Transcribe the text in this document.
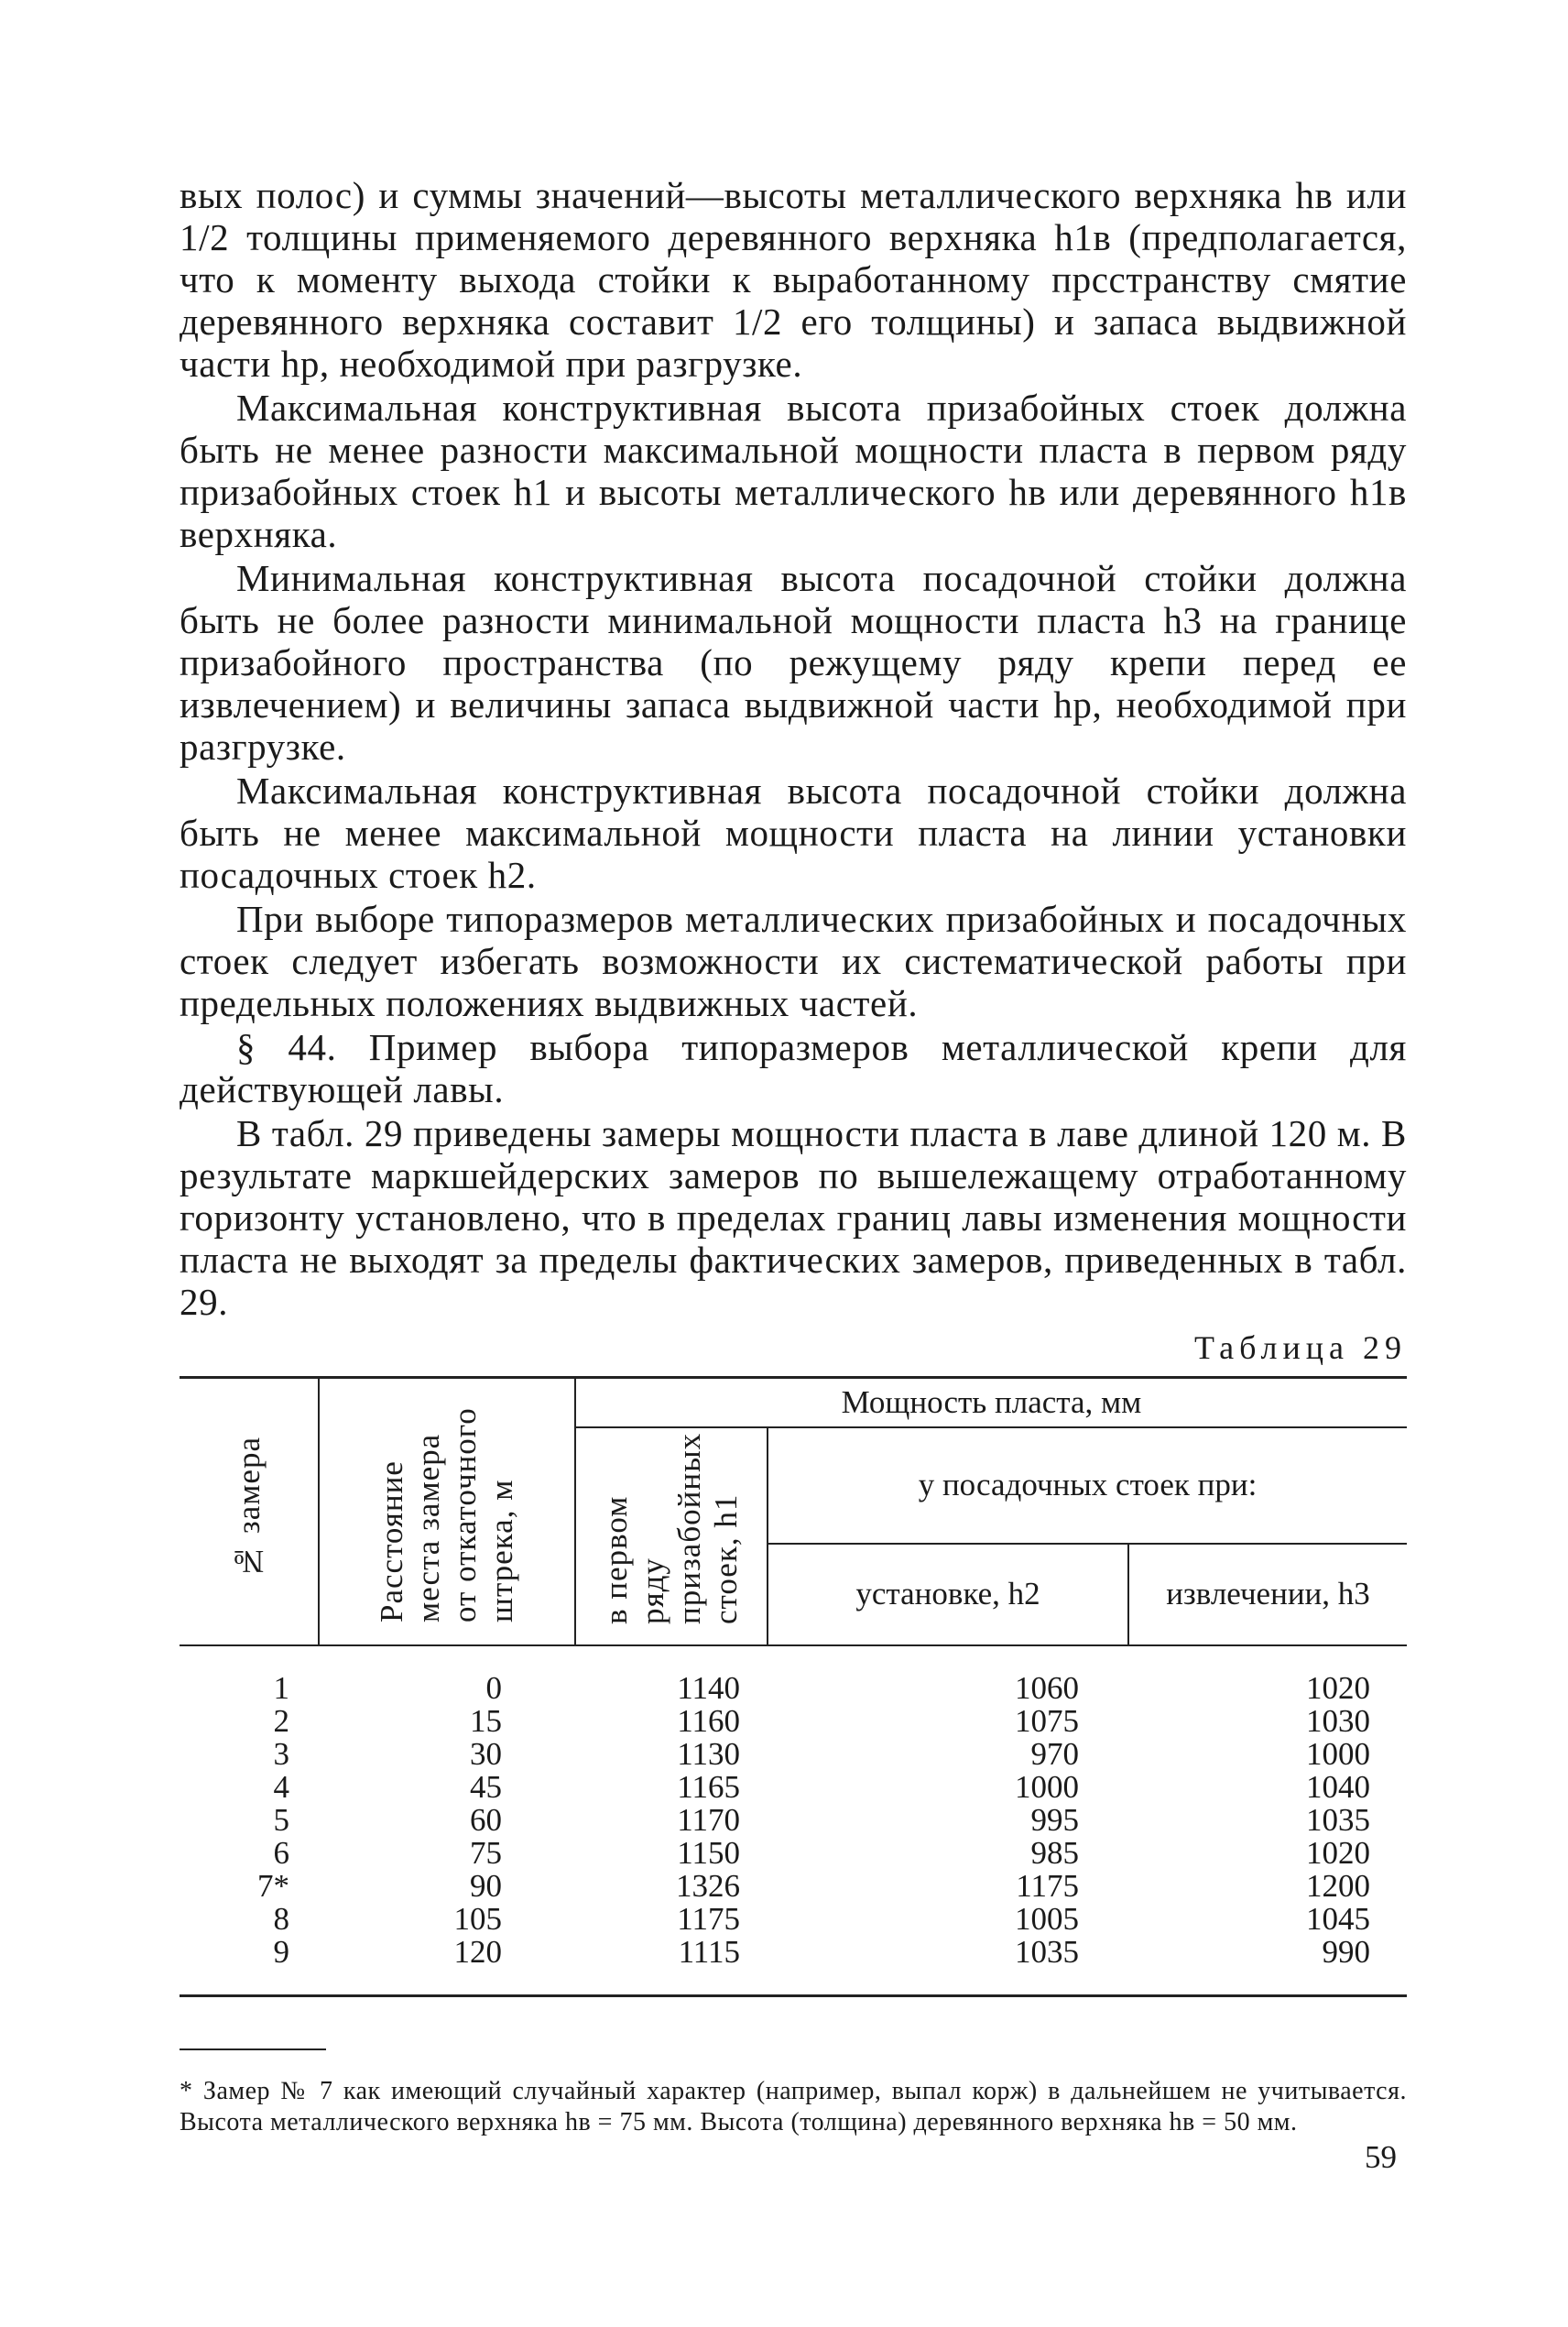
вых полос) и суммы значений—высоты металлического верхняка hв или 1/2 толщины применяемого деревянного верхняка h1в (предполагается, что к моменту выхода стойки к выработанному прсстранству смятие деревянного верхняка составит 1/2 его толщины) и запаса выдвижной части hр, необходимой при разгрузке.

Максимальная конструктивная высота призабойных стоек должна быть не менее разности максимальной мощности пласта в первом ряду призабойных стоек h1 и высоты металлического hв или деревянного h1в верхняка.

Минимальная конструктивная высота посадочной стойки должна быть не более разности минимальной мощности пласта h3 на границе призабойного пространства (по режущему ряду крепи перед ее извлечением) и величины запаса выдвижной части hр, необходимой при разгрузке.

Максимальная конструктивная высота посадочной стойки должна быть не менее максимальной мощности пласта на линии установки посадочных стоек h2.

При выборе типоразмеров металлических призабойных и посадочных стоек следует избегать возможности их систематической работы при предельных положениях выдвижных частей.

§ 44. Пример выбора типоразмеров металлической крепи для действующей лавы.

В табл. 29 приведены замеры мощности пласта в лаве длиной 120 м. В результате маркшейдерских замеров по вышележащему отработанному горизонту установлено, что в пределах границ лавы изменения мощности пласта не выходят за пределы фактических замеров, приведенных в табл. 29.

Таблица 29
№ замера	Расстояние места замера от откаточного штрека, м	Мощность пласта, мм		
		в первом ряду призабойных стоек, h1	у посадочных стоек при:	
			установке, h2	извлечении, h3
1	0	1140	1060	1020
2	15	1160	1075	1030
3	30	1130	970	1000
4	45	1165	1000	1040
5	60	1170	995	1035
6	75	1150	985	1020
7*	90	1326	1175	1200
8	105	1175	1005	1045
9	120	1115	1035	990

* Замер № 7 как имеющий случайный характер (например, выпал корж) в дальнейшем не учитывается. Высота металлического верхняка hв = 75 мм. Высота (толщина) деревянного верхняка hв = 50 мм.

59
